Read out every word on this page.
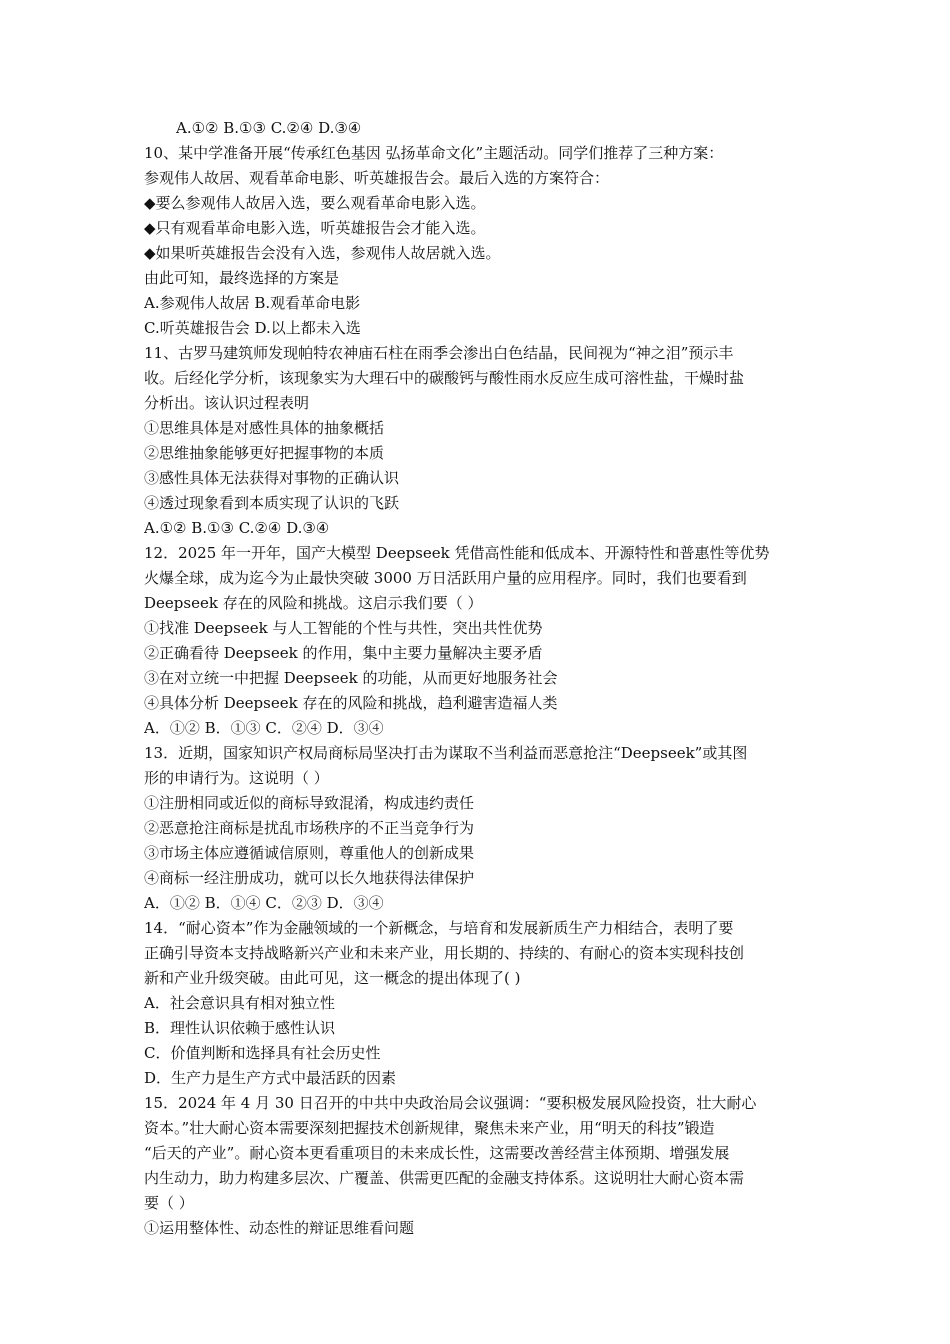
A.①② B.①③ C.②④ D.③④
10、某中学准备开展“传承红色基因 弘扬革命文化”主题活动。同学们推荐了三种方案：
参观伟人故居、观看革命电影、听英雄报告会。最后入选的方案符合：
◆要么参观伟人故居入选，要么观看革命电影入选。
◆只有观看革命电影入选，听英雄报告会才能入选。
◆如果听英雄报告会没有入选，参观伟人故居就入选。
由此可知，最终选择的方案是
A.参观伟人故居 B.观看革命电影
C.听英雄报告会 D.以上都未入选
11、古罗马建筑师发现帕特农神庙石柱在雨季会渗出白色结晶，民间视为“神之泪”预示丰
收。后经化学分析，该现象实为大理石中的碳酸钙与酸性雨水反应生成可溶性盐，干燥时盐
分析出。该认识过程表明
①思维具体是对感性具体的抽象概括
②思维抽象能够更好把握事物的本质
③感性具体无法获得对事物的正确认识
④透过现象看到本质实现了认识的飞跃
A.①② B.①③ C.②④ D.③④
12．2025 年一开年，国产大模型 Deepseek 凭借高性能和低成本、开源特性和普惠性等优势
火爆全球，成为迄今为止最快突破 3000 万日活跃用户量的应用程序。同时，我们也要看到
Deepseek 存在的风险和挑战。这启示我们要（ ）
①找准 Deepseek 与人工智能的个性与共性，突出共性优势
②正确看待 Deepseek 的作用，集中主要力量解决主要矛盾
③在对立统一中把握 Deepseek 的功能，从而更好地服务社会
④具体分析 Deepseek 存在的风险和挑战，趋利避害造福人类
A．①② B．①③ C．②④ D．③④
13．近期，国家知识产权局商标局坚决打击为谋取不当利益而恶意抢注“Deepseek”或其图
形的申请行为。这说明（ ）
①注册相同或近似的商标导致混淆，构成违约责任
②恶意抢注商标是扰乱市场秩序的不正当竞争行为
③市场主体应遵循诚信原则，尊重他人的创新成果
④商标一经注册成功，就可以长久地获得法律保护
A．①② B．①④ C．②③ D．③④
14．“耐心资本”作为金融领域的一个新概念，与培育和发展新质生产力相结合，表明了要
正确引导资本支持战略新兴产业和未来产业，用长期的、持续的、有耐心的资本实现科技创
新和产业升级突破。由此可见，这一概念的提出体现了( )
A．社会意识具有相对独立性
B．理性认识依赖于感性认识
C．价值判断和选择具有社会历史性
D．生产力是生产方式中最活跃的因素
15．2024 年 4 月 30 日召开的中共中央政治局会议强调：“要积极发展风险投资，壮大耐心
资本。”壮大耐心资本需要深刻把握技术创新规律，聚焦未来产业，用“明天的科技”锻造
“后天的产业”。耐心资本更看重项目的未来成长性，这需要改善经营主体预期、增强发展
内生动力，助力构建多层次、广覆盖、供需更匹配的金融支持体系。这说明壮大耐心资本需
要（ ）
①运用整体性、动态性的辩证思维看问题
